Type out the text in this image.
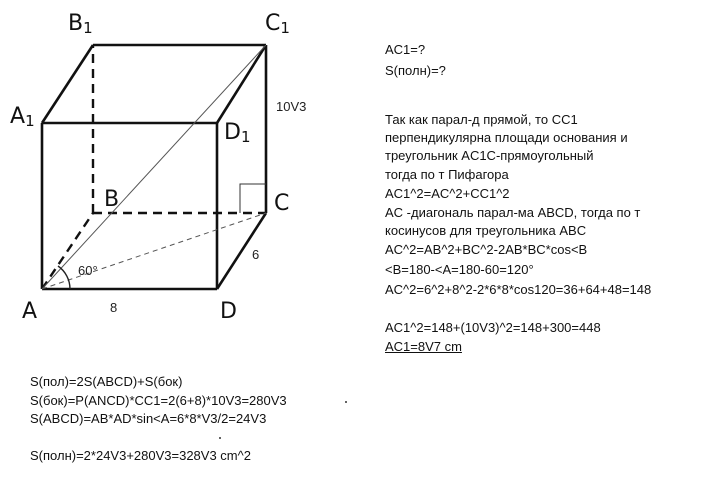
A
B	C
D
A1
B1	C1
D1
8
6
10V3
60°
AC1=?
S(полн)=?
Так как парал-д прямой, то CC1
перпендикулярна площади основания и
треугольник AC1C-прямоугольный
тогда по т Пифагора
AC1^2=AC^2+CC1^2
AC -диагональ парал-ма ABCD, тогда по т
косинусов для треугольника ABC
AC^2=AB^2+BC^2-2AB*BC*cos<B
<B=180-<A=180-60=120°
AC^2=6^2+8^2-2*6*8*cos120=36+64+48=148
AC1^2=148+(10V3)^2=148+300=448
AC1=8V7 cm
S(пол)=2S(ABCD)+S(бок)
S(бок)=P(ANCD)*CC1=2(6+8)*10V3=280V3
S(ABCD)=AB*AD*sin<A=6*8*V3/2=24V3
S(полн)=2*24V3+280V3=328V3 cm^2
